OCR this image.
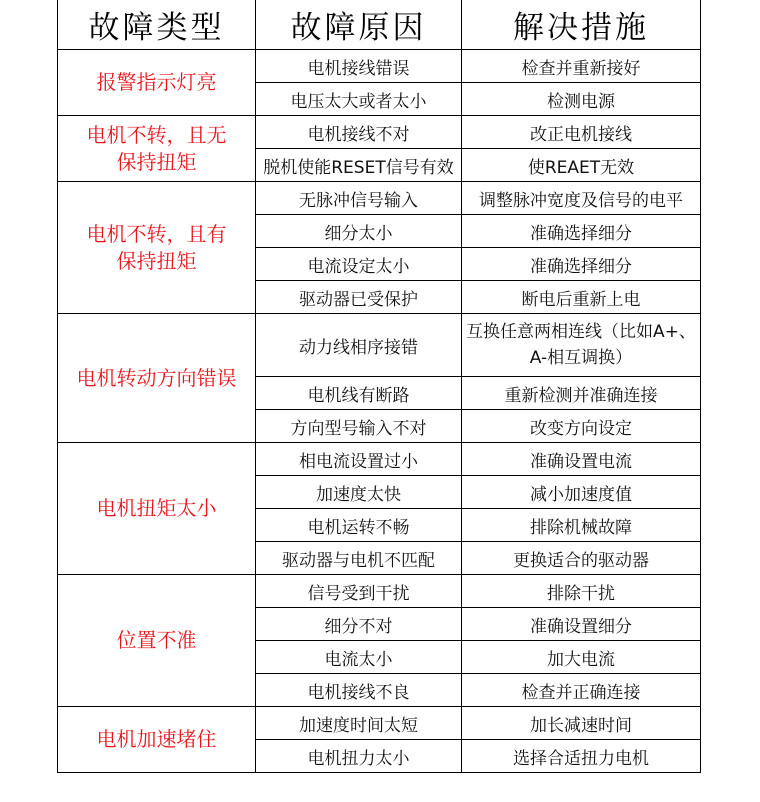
故障类型	故障原因	解决措施
报警指示灯亮	电机接线错误	检查并重新接好
	电压太大或者太小	检测电源
电机不转，且无
保持扭矩	电机接线不对	改正电机接线
	脱机使能RESET信号有效	使REAET无效
电机不转，且有
保持扭矩	无脉冲信号输入	调整脉冲宽度及信号的电平
	细分太小	准确选择细分
	电流设定太小	准确选择细分
	驱动器已受保护	断电后重新上电
电机转动方向错误	动力线相序接错	互换任意两相连线（比如A+、A-相互调换）
	电机线有断路	重新检测并准确连接
	方向型号输入不对	改变方向设定
电机扭矩太小	相电流设置过小	准确设置电流
	加速度太快	减小加速度值
	电机运转不畅	排除机械故障
	驱动器与电机不匹配	更换适合的驱动器
位置不准	信号受到干扰	排除干扰
	细分不对	准确设置细分
	电流太小	加大电流
	电机接线不良	检查并正确连接
电机加速堵住	加速度时间太短	加长减速时间
	电机扭力太小	选择合适扭力电机
